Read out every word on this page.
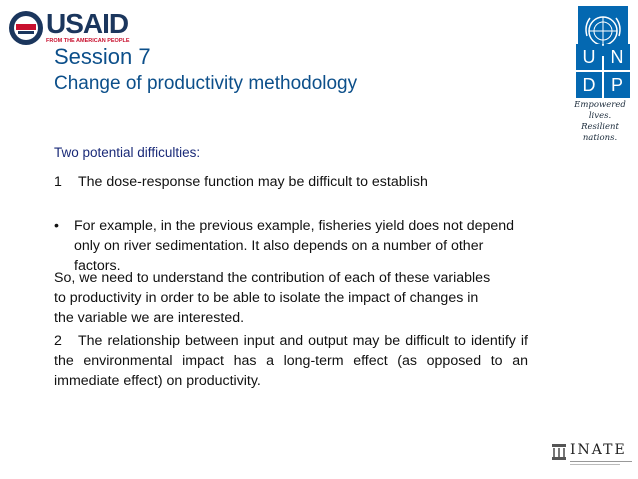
USAID
FROM THE AMERICAN PEOPLE
U N
D P
Empowered lives.
Resilient nations.
Session 7
Change of productivity methodology
Two potential difficulties:
1 The dose-response function may be difficult to establish
• For example, in the previous example, fisheries yield does not depend only on river sedimentation. It also depends on a number of other factors.
So, we need to understand the contribution of each of these variables to productivity in order to be able to isolate the impact of changes in the variable we are interested.
2 The relationship between input and output may be difficult to identify if the environmental impact has a long-term effect (as opposed to an immediate effect) on productivity.
INATE
